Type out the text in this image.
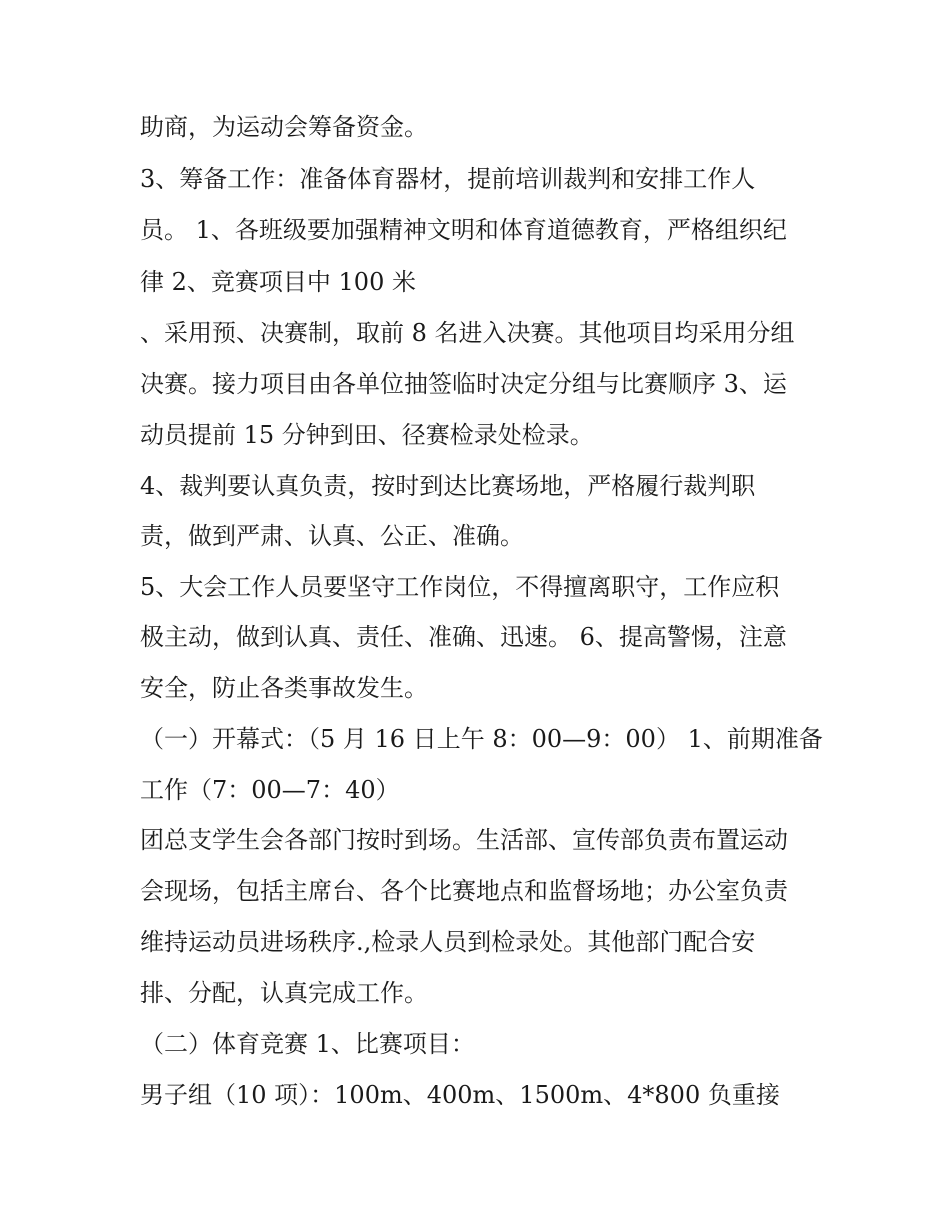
助商，为运动会筹备资金。
3、筹备工作：准备体育器材，提前培训裁判和安排工作人
员。 1、各班级要加强精神文明和体育道德教育，严格组织纪
律 2、竞赛项目中 100 米
、采用预、决赛制，取前 8 名进入决赛。其他项目均采用分组
决赛。接力项目由各单位抽签临时决定分组与比赛顺序 3、运
动员提前 15 分钟到田、径赛检录处检录。
4、裁判要认真负责，按时到达比赛场地，严格履行裁判职
责，做到严肃、认真、公正、准确。
5、大会工作人员要坚守工作岗位，不得擅离职守，工作应积
极主动，做到认真、责任、准确、迅速。 6、提高警惕，注意
安全，防止各类事故发生。
（一）开幕式：（5 月 16 日上午 8：00—9：00） 1、前期准备
工作（7：00—7：40）
团总支学生会各部门按时到场。生活部、宣传部负责布置运动
会现场，包括主席台、各个比赛地点和监督场地；办公室负责
维持运动员进场秩序.,检录人员到检录处。其他部门配合安
排、分配，认真完成工作。
（二）体育竞赛 1、比赛项目：
男子组（10 项）：100m、400m、1500m、4*800 负重接
